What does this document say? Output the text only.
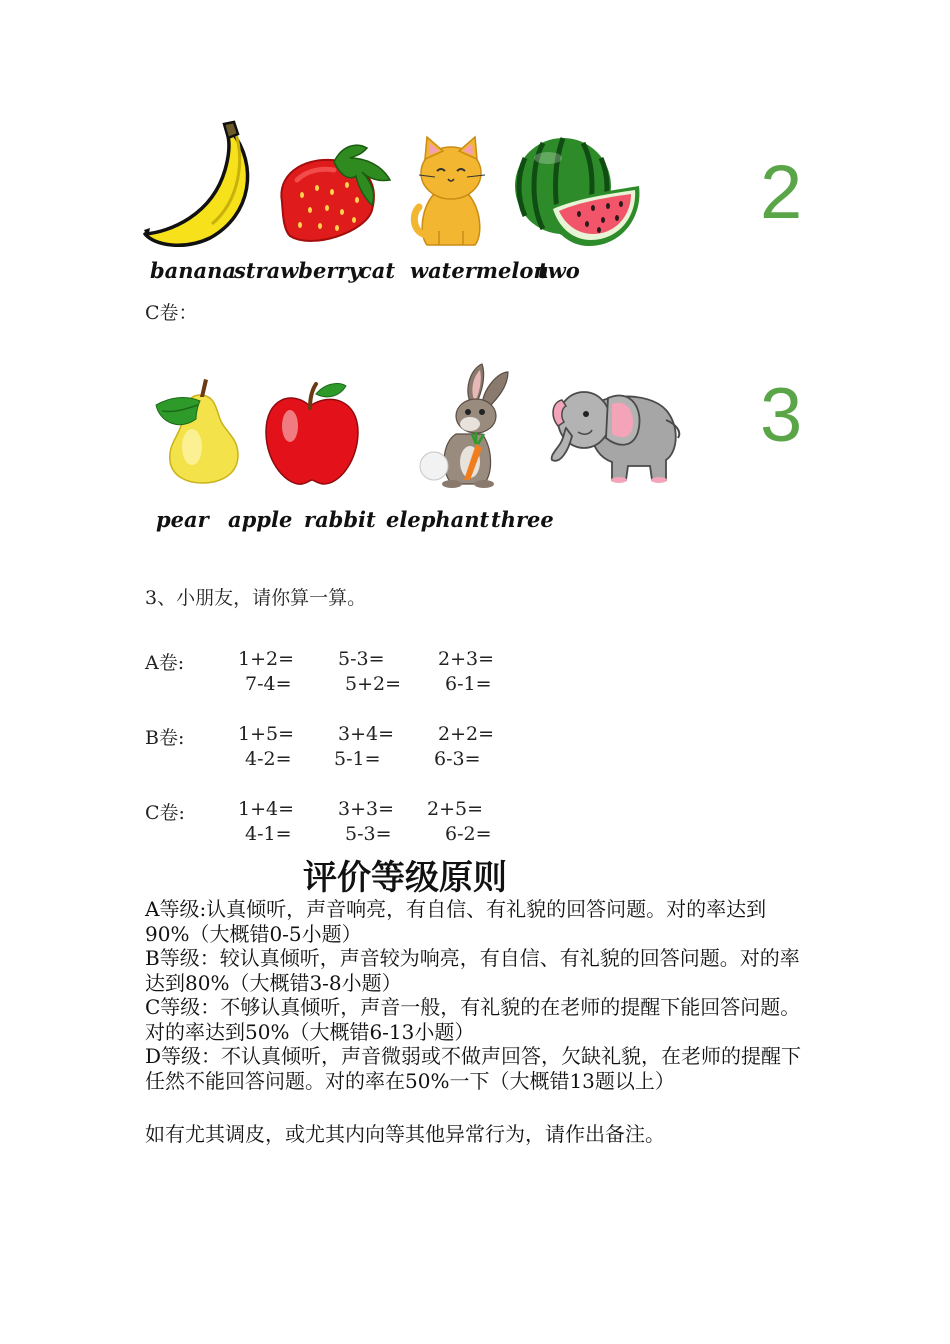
2
banana
strawberry
cat watermelon
two
C卷：
3
pear apple rabbit elephant three
3、小朋友，请你算一算。
A卷:	1+2= 5-3=	2+3=
7-4=	5+2= 6-1=
B卷:	1+5= 3+4= 2+2=
4-2= 5-1=	6-3=
C卷:	1+4= 3+3= 2+5=
4-1=	5-3=	6-2=
评价等级原则
A等级:认真倾听，声音响亮，有自信、有礼貌的回答问题。对的率达到90%（大概错0-5小题）
B等级：较认真倾听，声音较为响亮，有自信、有礼貌的回答问题。对的率达到80%（大概错3-8小题）
C等级：不够认真倾听，声音一般，有礼貌的在老师的提醒下能回答问题。对的率达到50%（大概错6-13小题）
D等级：不认真倾听，声音微弱或不做声回答，欠缺礼貌，在老师的提醒下任然不能回答问题。对的率在50%一下（大概错13题以上）
如有尤其调皮，或尤其内向等其他异常行为，请作出备注。
